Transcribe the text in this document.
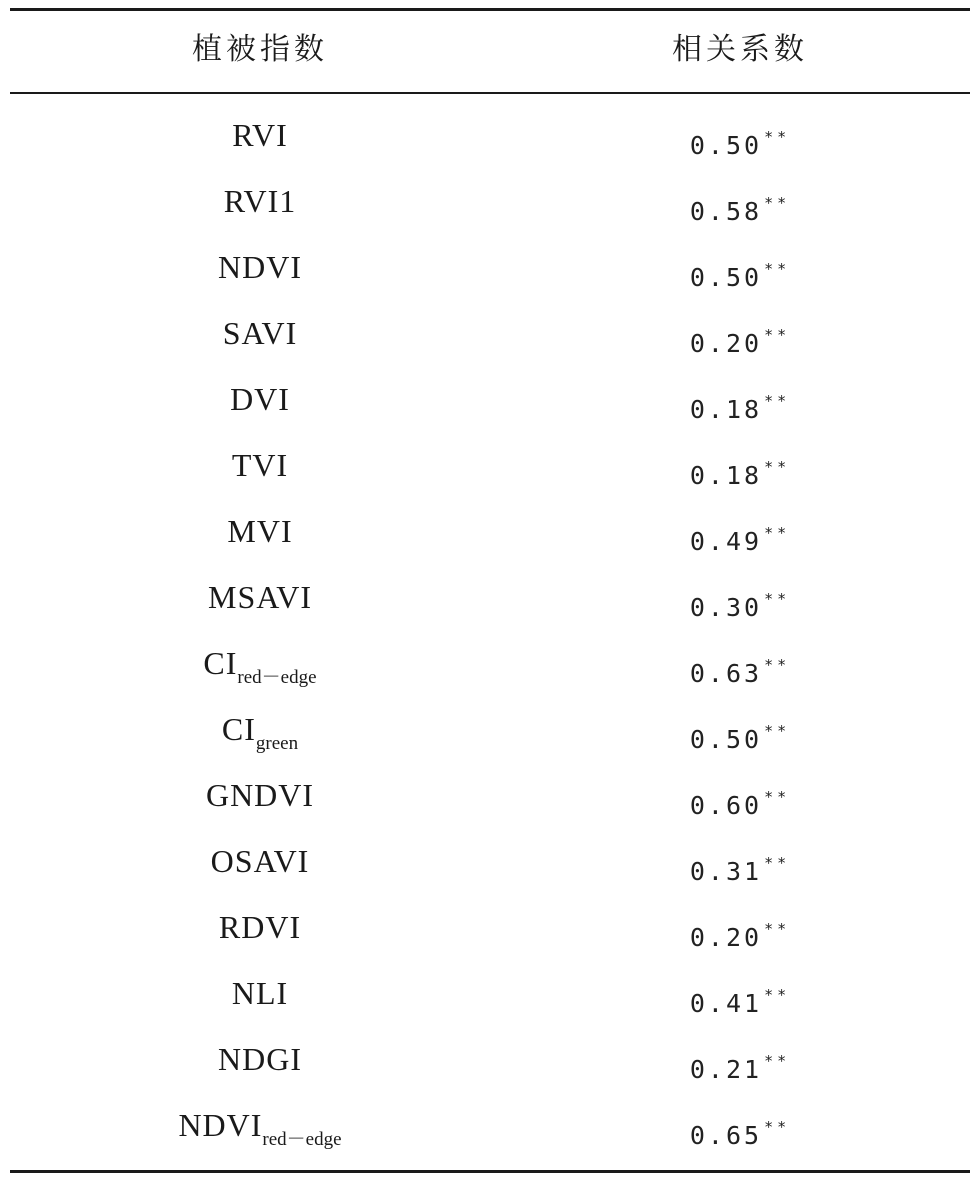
植被指数	相关系数
RVI	0.50 **
RVI1	0.58 **
NDVI	0.50 **
SAVI	0.20 **
DVI	0.18 **
TVI	0.18 **
MVI	0.49 **
MSAVI	0.30 **
$CI_{red-edge}$	0.63 **
$CI_{green}$	0.50 **
GNDVI	0.60 **
OSAVI	0.31 **
RDVI	0.20 **
NLI	0.41 **
NDGI	0.21 **
$NDVI_{red-edge}$	0.65 **
